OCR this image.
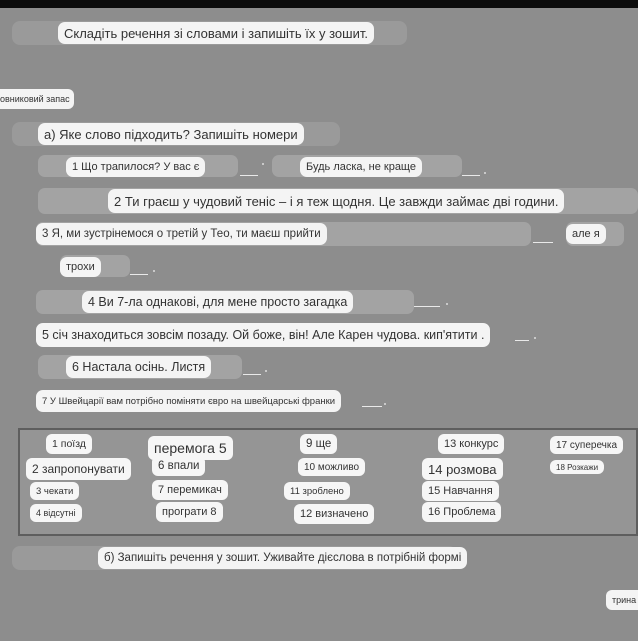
Складіть речення зі словами і запишіть їх у зошит.
овниковий запас
а) Яке слово підходить? Запишіть номери
1 Що трапилося? У вас є	Будь ласка, не краще
2 Ти граєш у чудовий теніс – і я теж щодня. Це завжди займає дві години.
3 Я, ми зустрінемося о третій у Тео, ти маєш прийти	але я
трохи
4 Ви 7-ла однакові, для мене просто загадка
5 січ знаходиться зовсім позаду. Ой боже, він! Але Карен чудова. кип'ятити .
6 Настала осінь. Листя
7 У Швейцарії вам потрібно поміняти євро на швейцарські франки
1 поїзд
2 запропонувати
3 чекати
4 відсутні
перемога 5
6 впали
7 перемикач
програти 8
9 ще
10 можливо
11 зроблено
12 визначено
13 конкурс
14 розмова
15 Навчання
16 Проблема
17 суперечка
18 Розкажи
б) Запишіть речення у зошит. Уживайте дієслова в потрібній формі
трина
